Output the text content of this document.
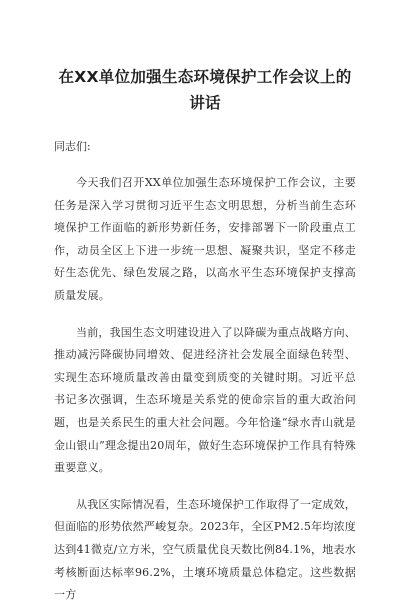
在XX单位加强生态环境保护工作会议上的讲话

同志们:

今天我们召开XX单位加强生态环境保护工作会议，主要任务是深入学习贯彻习近平生态文明思想，分析当前生态环境保护工作面临的新形势新任务，安排部署下一阶段重点工作，动员全区上下进一步统一思想、凝聚共识，坚定不移走好生态优先、绿色发展之路，以高水平生态环境保护支撑高质量发展。

当前，我国生态文明建设进入了以降碳为重点战略方向、推动减污降碳协同增效、促进经济社会发展全面绿色转型、实现生态环境质量改善由量变到质变的关键时期。习近平总书记多次强调，生态环境是关系党的使命宗旨的重大政治问题，也是关系民生的重大社会问题。今年恰逢“绿水青山就是金山银山”理念提出20周年，做好生态环境保护工作具有特殊重要意义。

从我区实际情况看，生态环境保护工作取得了一定成效，但面临的形势依然严峻复杂。2023年，全区PM2.5年均浓度达到41微克/立方米，空气质量优良天数比例84.1%，地表水考核断面达标率96.2%，土壤环境质量总体稳定。这些数据一方
